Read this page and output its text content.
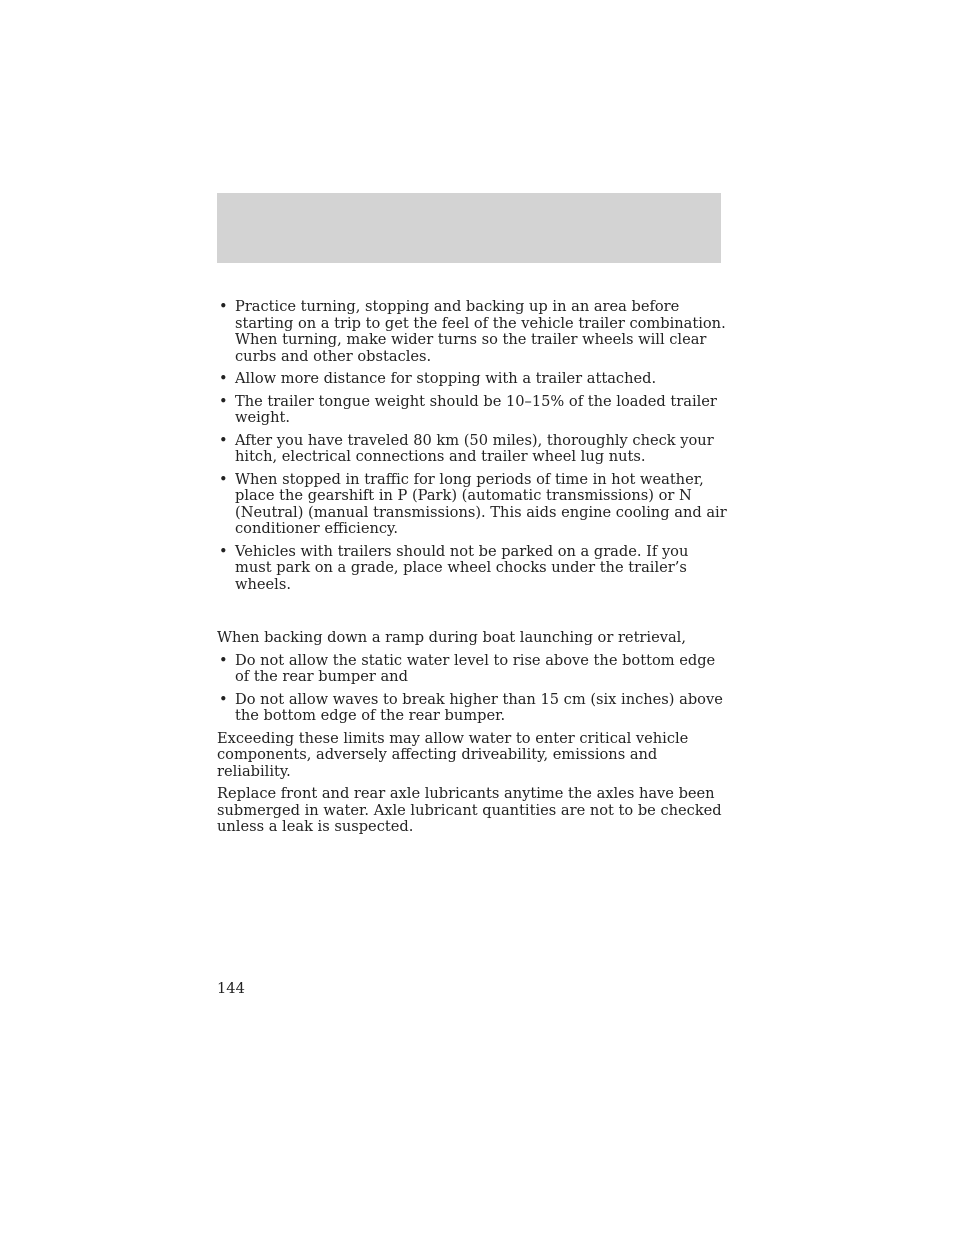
• Practice turning, stopping and backing up in an area before starting on a trip to get the feel of the vehicle trailer combination. When turning, make wider turns so the trailer wheels will clear curbs and other obstacles.
• Allow more distance for stopping with a trailer attached.
• The trailer tongue weight should be 10–15% of the loaded trailer weight.
• After you have traveled 80 km (50 miles), thoroughly check your hitch, electrical connections and trailer wheel lug nuts.
• When stopped in traffic for long periods of time in hot weather, place the gearshift in P (Park) (automatic transmissions) or N (Neutral) (manual transmissions). This aids engine cooling and air conditioner efficiency.
• Vehicles with trailers should not be parked on a grade. If you must park on a grade, place wheel chocks under the trailer’s wheels.

When backing down a ramp during boat launching or retrieval,

• Do not allow the static water level to rise above the bottom edge of the rear bumper and
• Do not allow waves to break higher than 15 cm (six inches) above the bottom edge of the rear bumper.

Exceeding these limits may allow water to enter critical vehicle components, adversely affecting driveability, emissions and reliability.

Replace front and rear axle lubricants anytime the axles have been submerged in water. Axle lubricant quantities are not to be checked unless a leak is suspected.

144
